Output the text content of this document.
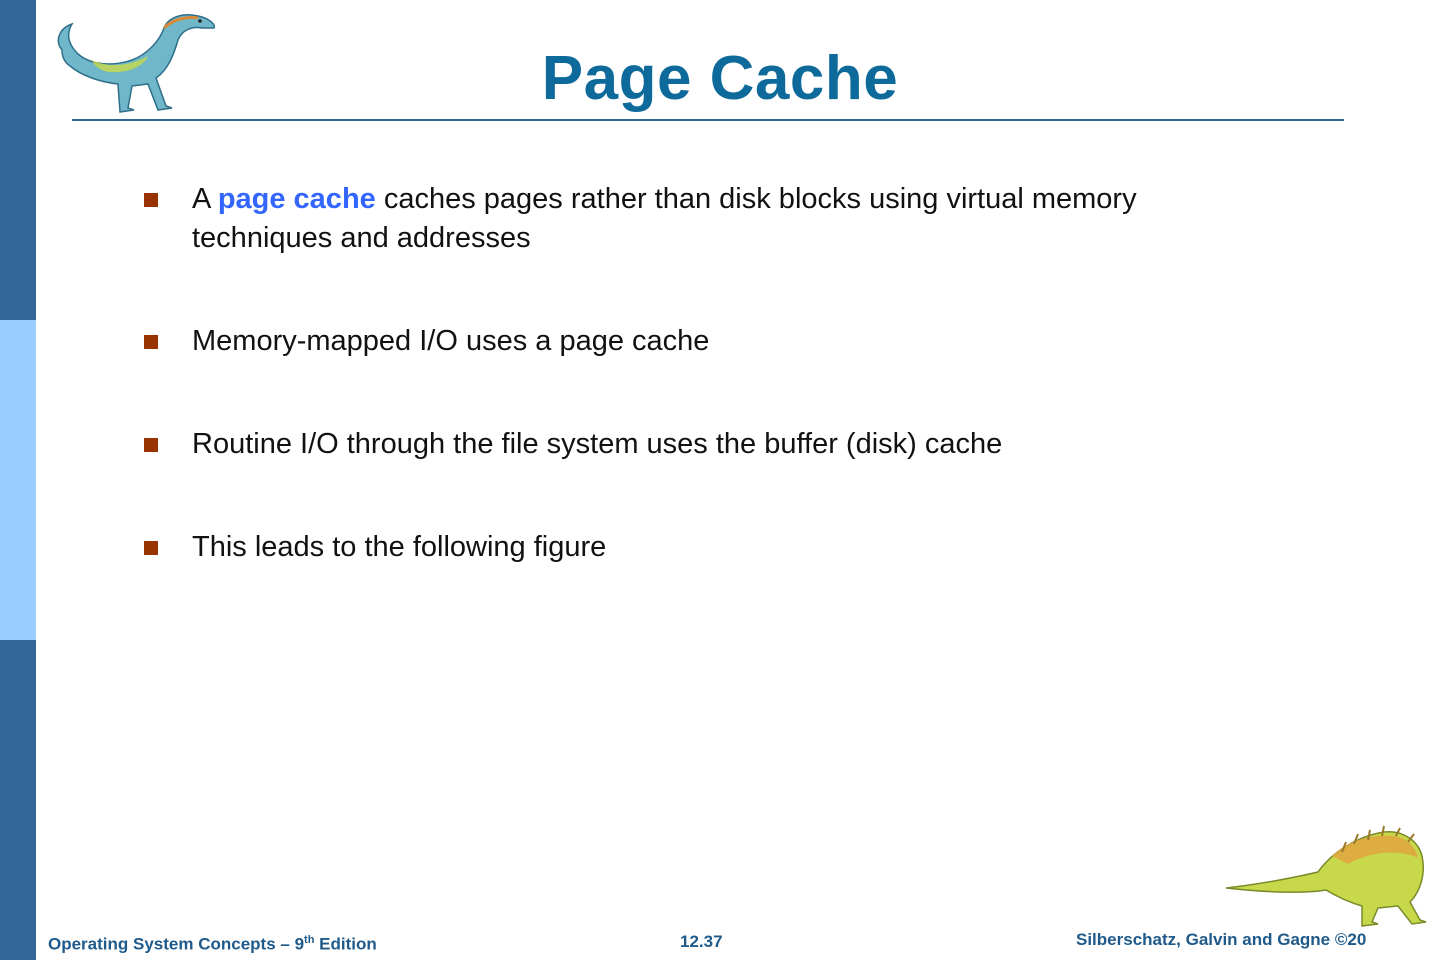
Page Cache
A page cache caches pages rather than disk blocks using virtual memory techniques and addresses
Memory-mapped I/O uses a page cache
Routine I/O through the file system uses the buffer (disk) cache
This leads to the following figure
Operating System Concepts – 9th Edition	12.37	Silberschatz, Galvin and Gagne ©20
